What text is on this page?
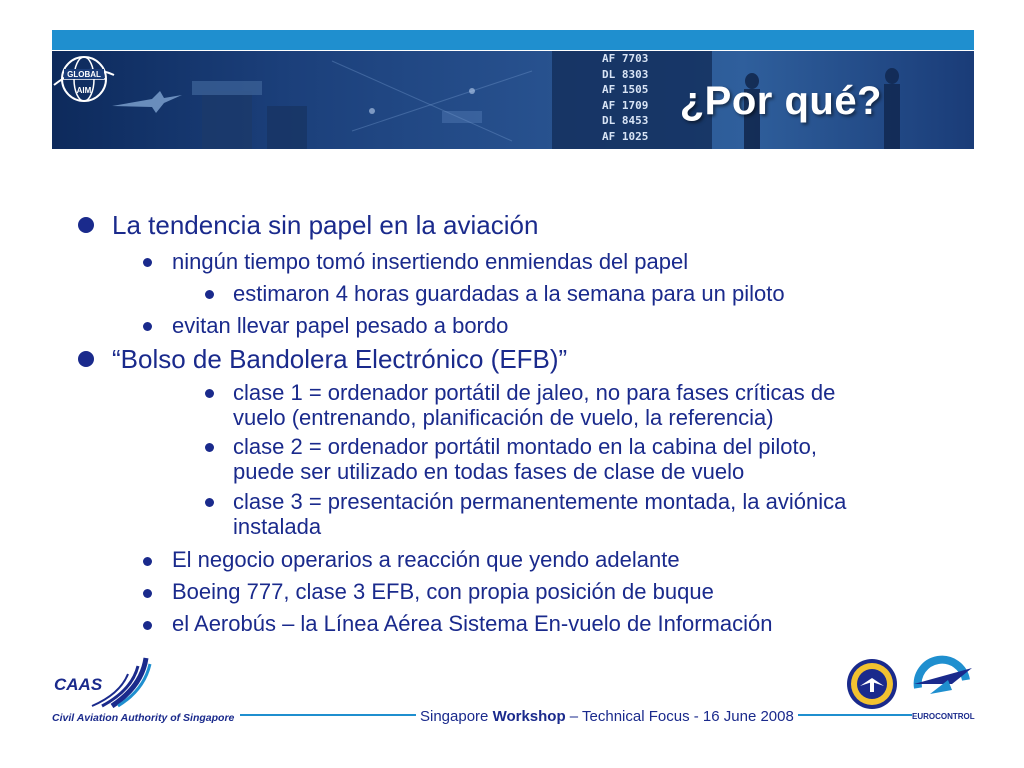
AF 7703
DL 8303
AF 1505
AF 1709
DL 8453
AF 1025
¿Por qué?
GLOBAL
AIM
La tendencia sin papel en la aviación
ningún tiempo tomó insertiendo enmiendas del papel
estimaron 4 horas guardadas a la semana para un piloto
evitan llevar papel pesado a bordo
“Bolso de Bandolera Electrónico (EFB)”
clase 1 = ordenador portátil de jaleo, no para fases críticas de
vuelo (entrenando, planificación de vuelo, la referencia)
clase 2 = ordenador portátil montado en la cabina del piloto,
puede ser utilizado en todas fases de clase de vuelo
clase 3 = presentación permanentemente montada, la aviónica
instalada
El negocio operarios a reacción que yendo adelante
Boeing 777, clase 3 EFB, con propia posición de buque
el Aerobús – la Línea Aérea Sistema En-vuelo de Información
CAAS
Civil Aviation Authority of Singapore	Singapore Workshop – Technical Focus - 16 June 2008	EUROCONTROL
